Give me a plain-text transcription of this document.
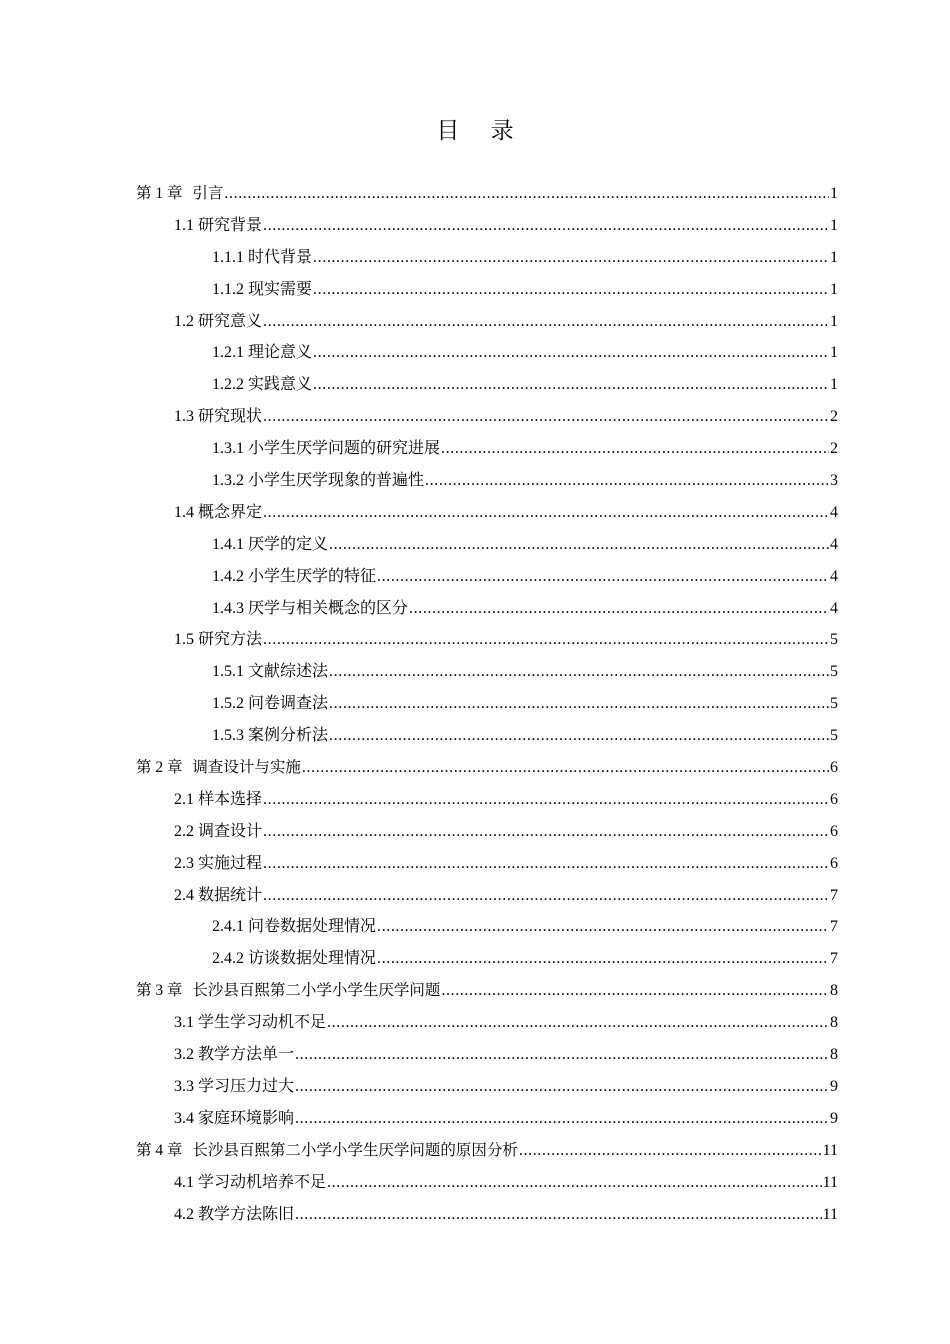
目 录
第 1 章 引言 .....	1
1.1 研究背景 .....	1
1.1.1 时代背景 .....	1
1.1.2 现实需要 .....	1
1.2 研究意义 .....	1
1.2.1 理论意义 .....	1
1.2.2 实践意义 .....	1
1.3 研究现状 .....	2
1.3.1 小学生厌学问题的研究进展 .....	2
1.3.2 小学生厌学现象的普遍性 .....	3
1.4 概念界定 .....	4
1.4.1 厌学的定义 .....	4
1.4.2 小学生厌学的特征 .....	4
1.4.3 厌学与相关概念的区分 .....	4
1.5 研究方法 .....	5
1.5.1 文献综述法 .....	5
1.5.2 问卷调查法 .....	5
1.5.3 案例分析法 .....	5
第 2 章 调查设计与实施 .....	6
2.1 样本选择 .....	6
2.2 调查设计 .....	6
2.3 实施过程 .....	6
2.4 数据统计 .....	7
2.4.1 问卷数据处理情况 .....	7
2.4.2 访谈数据处理情况 .....	7
第 3 章 长沙县百熙第二小学小学生厌学问题 .....	8
3.1 学生学习动机不足 .....	8
3.2 教学方法单一 .....	8
3.3 学习压力过大 .....	9
3.4 家庭环境影响 .....	9
第 4 章 长沙县百熙第二小学小学生厌学问题的原因分析 .....	11
4.1 学习动机培养不足 .....	11
4.2 教学方法陈旧 .....	11
